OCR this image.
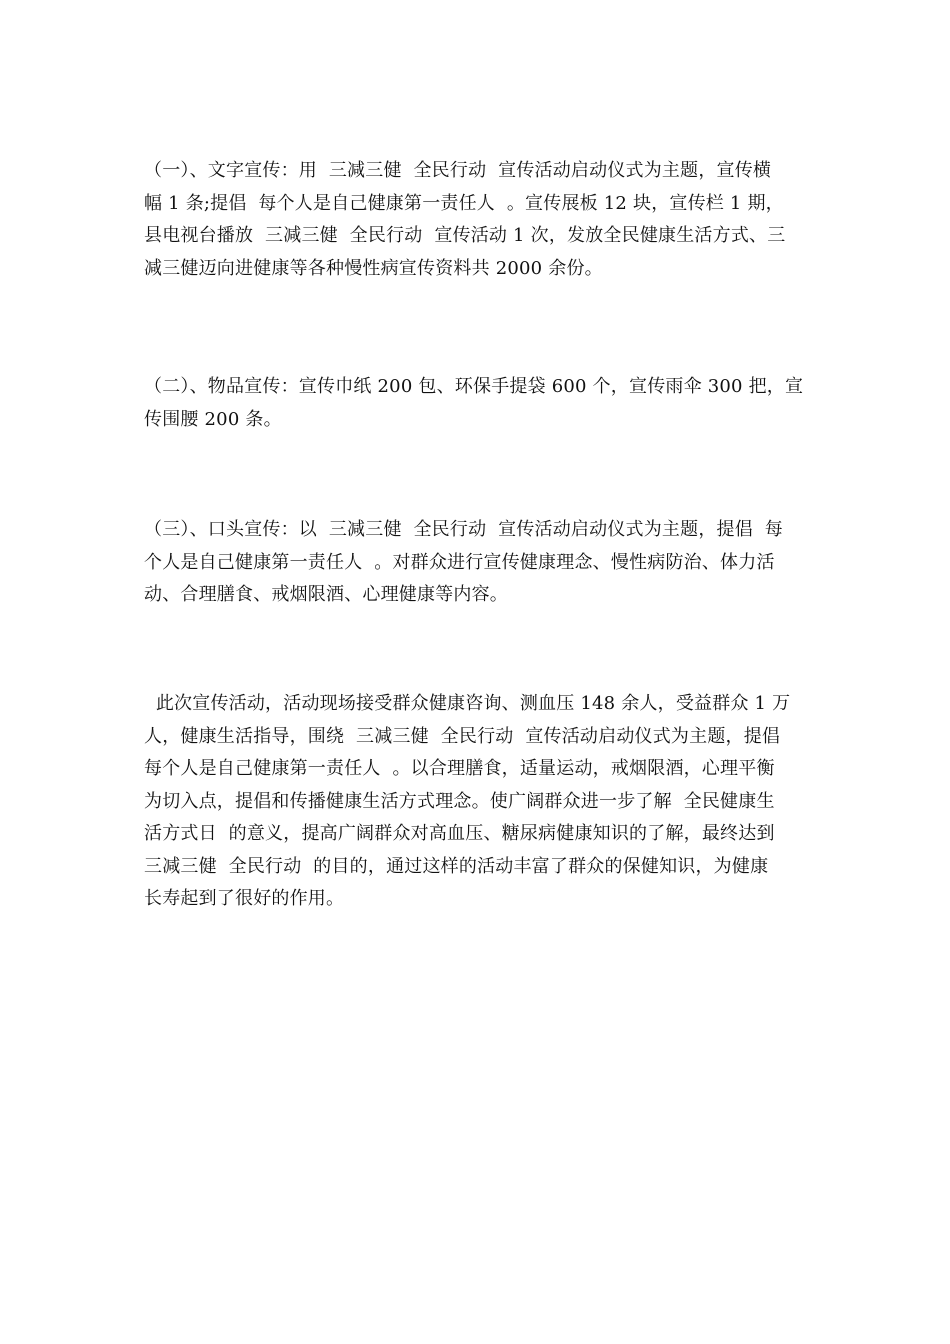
（一）、文字宣传：用  三减三健  全民行动  宣传活动启动仪式为主题，宣传横
幅 1 条;提倡  每个人是自己健康第一责任人  。宣传展板 12 块，宣传栏 1 期，
县电视台播放  三减三健  全民行动  宣传活动 1 次，发放全民健康生活方式、三
减三健迈向进健康等各种慢性病宣传资料共 2000 余份。

（二）、物品宣传：宣传巾纸 200 包、环保手提袋 600 个，宣传雨伞 300 把，宣
传围腰 200 条。

（三）、口头宣传：以  三减三健  全民行动  宣传活动启动仪式为主题，提倡  每
个人是自己健康第一责任人  。对群众进行宣传健康理念、慢性病防治、体力活
动、合理膳食、戒烟限酒、心理健康等内容。

此次宣传活动，活动现场接受群众健康咨询、测血压 148 余人，受益群众 1 万
人，健康生活指导，围绕  三减三健  全民行动  宣传活动启动仪式为主题，提倡
每个人是自己健康第一责任人  。以合理膳食，适量运动，戒烟限酒，心理平衡
为切入点，提倡和传播健康生活方式理念。使广阔群众进一步了解  全民健康生
活方式日  的意义，提高广阔群众对高血压、糖尿病健康知识的了解，最终达到
三减三健  全民行动  的目的，通过这样的活动丰富了群众的保健知识，为健康
长寿起到了很好的作用。
